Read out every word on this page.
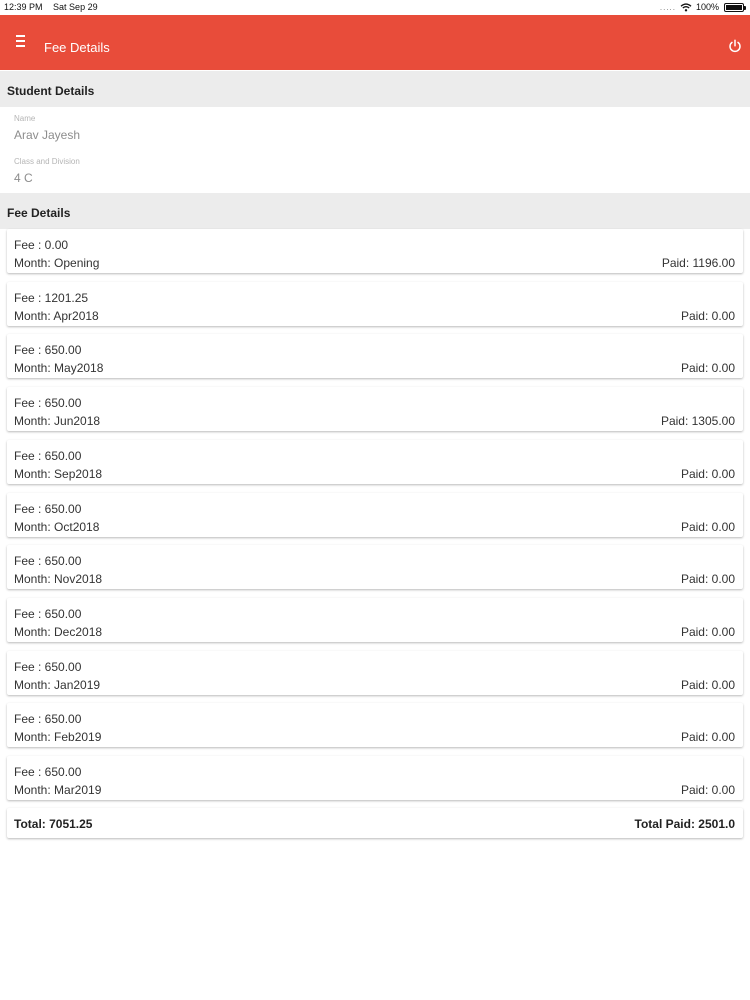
12:39 PM Sat Sep 29	..... 100%
Fee Details
Student Details
Name
Arav Jayesh
Class and Division
4 C
Fee Details
Fee : 0.00
Month: Opening	Paid: 1196.00
Fee : 1201.25
Month: Apr2018	Paid: 0.00
Fee : 650.00
Month: May2018	Paid: 0.00
Fee : 650.00
Month: Jun2018	Paid: 1305.00
Fee : 650.00
Month: Sep2018	Paid: 0.00
Fee : 650.00
Month: Oct2018	Paid: 0.00
Fee : 650.00
Month: Nov2018	Paid: 0.00
Fee : 650.00
Month: Dec2018	Paid: 0.00
Fee : 650.00
Month: Jan2019	Paid: 0.00
Fee : 650.00
Month: Feb2019	Paid: 0.00
Fee : 650.00
Month: Mar2019	Paid: 0.00
Total: 7051.25	Total Paid: 2501.0
